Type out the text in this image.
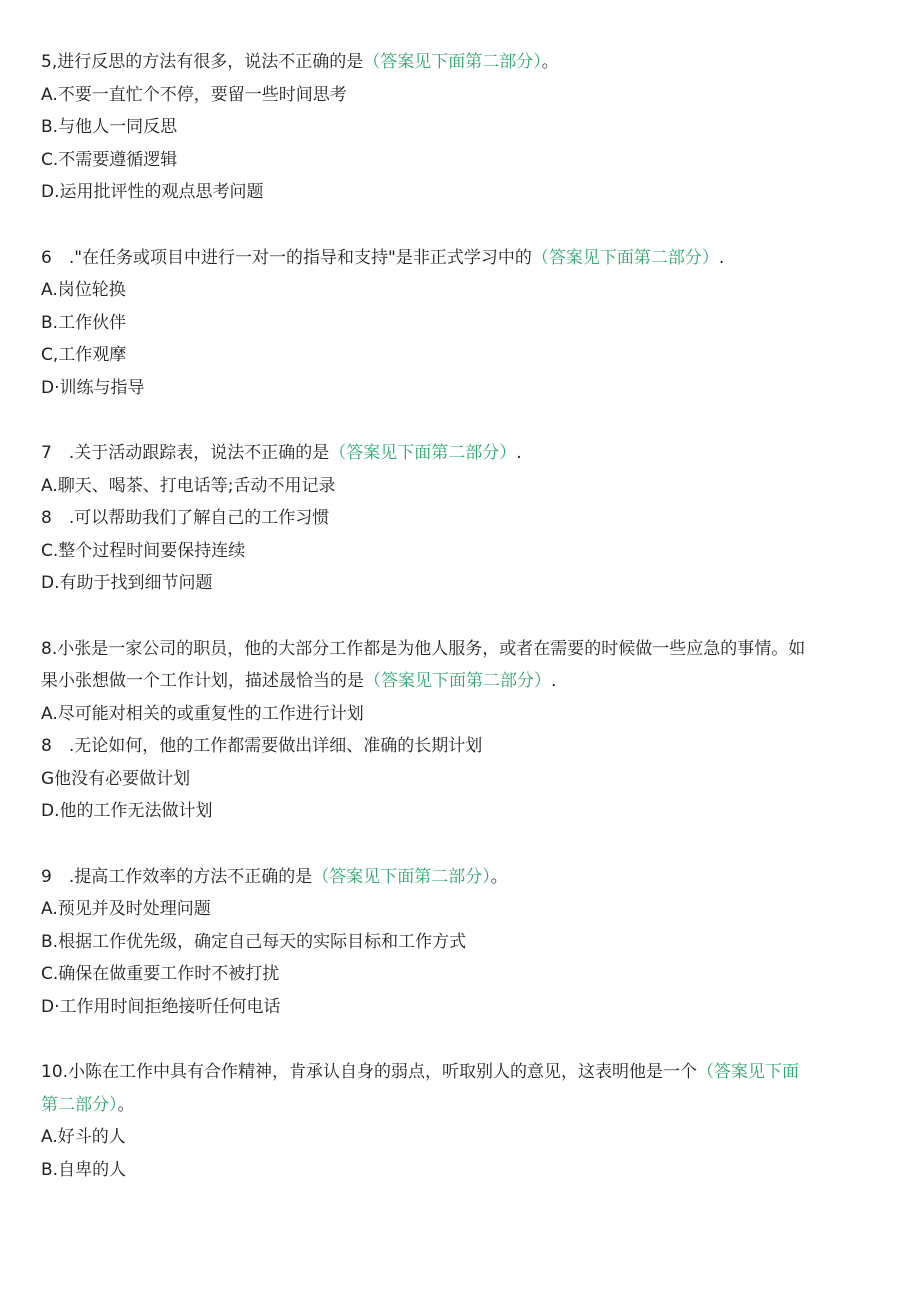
5,进行反思的方法有很多，说法不正确的是（答案见下面第二部分）。
A.不要一直忙个不停，要留一些时间思考
B.与他人一同反思
C.不需要遵循逻辑
D.运用批评性的观点思考问题
6　."在任务或项目中进行一对一的指导和支持"是非正式学习中的（答案见下面第二部分）.
A.岗位轮换
B.工作伙伴
C,工作观摩
D·训练与指导
7　.关于活动跟踪表，说法不正确的是（答案见下面第二部分）.
A.聊天、喝茶、打电话等;舌动不用记录
8　.可以帮助我们了解自己的工作习惯
C.整个过程时间要保持连续
D.有助于找到细节问题
8.小张是一家公司的职员，他的大部分工作都是为他人服务，或者在需要的时候做一些应急的事情。如
果小张想做一个工作计划，描述晟恰当的是（答案见下面第二部分）.
A.尽可能对相关的或重复性的工作进行计划
8　.无论如何，他的工作都需要做出详细、准确的长期计划
G他没有必要做计划
D.他的工作无法做计划
9　.提高工作效率的方法不正确的是（答案见下面第二部分）。
A.预见并及时处理问题
B.根据工作优先级，确定自己每天的实际目标和工作方式
C.确保在做重要工作时不被打扰
D·工作用时间拒绝接听任何电话
10.小陈在工作中具有合作精神，肯承认自身的弱点，听取别人的意见，这表明他是一个（答案见下面
第二部分）。
A.好斗的人
B.自卑的人
